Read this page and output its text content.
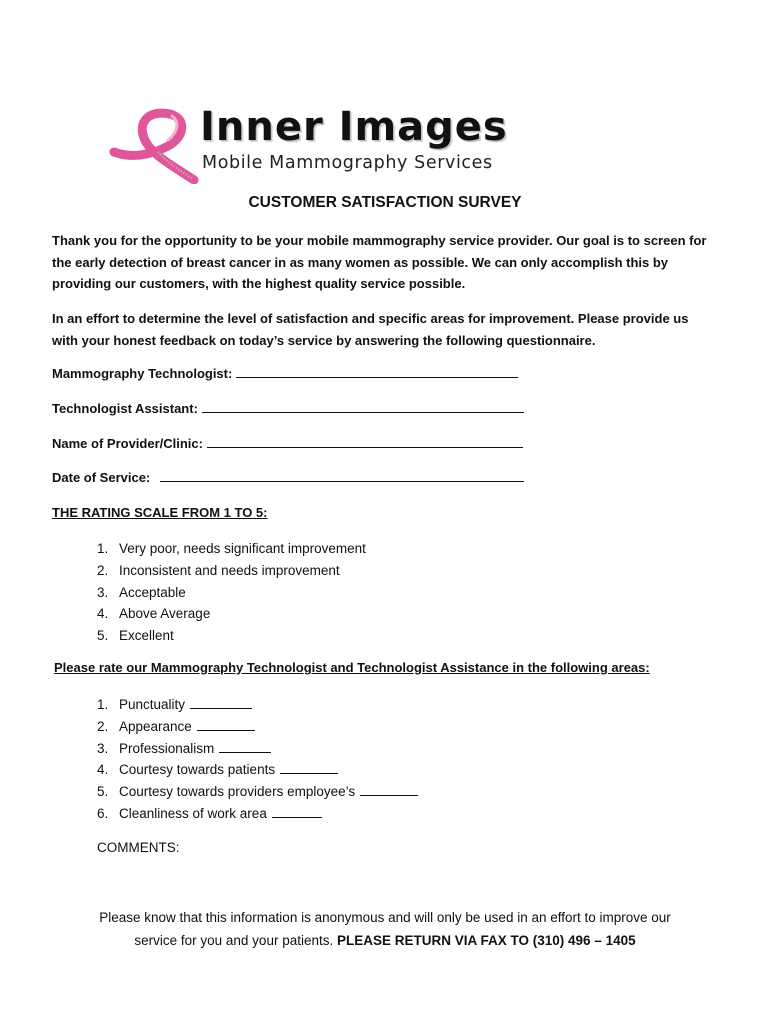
Inner Images
Mobile Mammography Services
CUSTOMER SATISFACTION SURVEY
Thank you for the opportunity to be your mobile mammography service provider. Our goal is to screen for the early detection of breast cancer in as many women as possible. We can only accomplish this by providing our customers, with the highest quality service possible.
In an effort to determine the level of satisfaction and specific areas for improvement. Please provide us with your honest feedback on today’s service by answering the following questionnaire.
Mammography Technologist:
Technologist Assistant:
Name of Provider/Clinic:
Date of Service:
THE RATING SCALE FROM 1 TO 5:
1. Very poor, needs significant improvement
2. Inconsistent and needs improvement
3. Acceptable
4. Above Average
5. Excellent
Please rate our Mammography Technologist and Technologist Assistance in the following areas:
1. Punctuality
2. Appearance
3. Professionalism
4. Courtesy towards patients
5. Courtesy towards providers employee’s
6. Cleanliness of work area
COMMENTS:
Please know that this information is anonymous and will only be used in an effort to improve our
service for you and your patients. PLEASE RETURN VIA FAX TO (310) 496 – 1405
